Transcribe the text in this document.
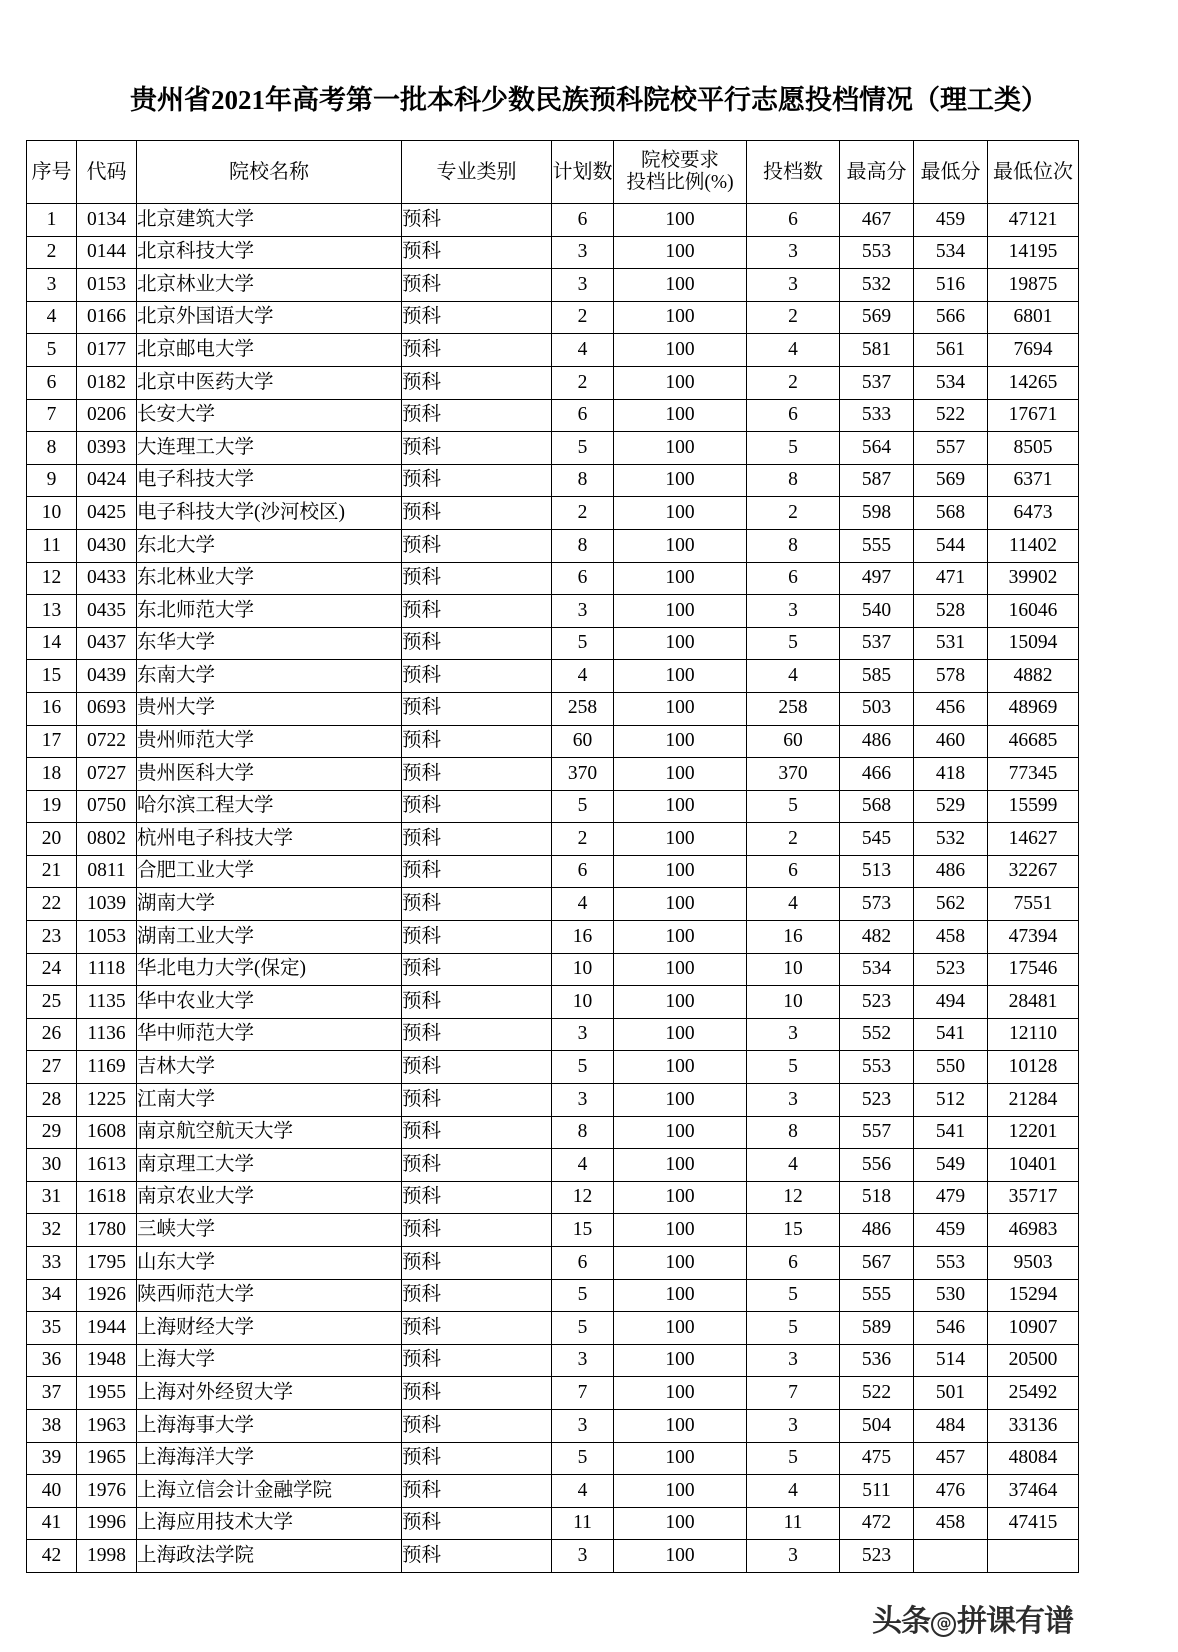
贵州省2021年高考第一批本科少数民族预科院校平行志愿投档情况（理工类）
序号	代码	院校名称	专业类别	计划数	院校要求
投档比例(%)	投档数	最高分	最低分	最低位次
1	0134	北京建筑大学	预科	6	100	6	467	459	47121
2	0144	北京科技大学	预科	3	100	3	553	534	14195
3	0153	北京林业大学	预科	3	100	3	532	516	19875
4	0166	北京外国语大学	预科	2	100	2	569	566	6801
5	0177	北京邮电大学	预科	4	100	4	581	561	7694
6	0182	北京中医药大学	预科	2	100	2	537	534	14265
7	0206	长安大学	预科	6	100	6	533	522	17671
8	0393	大连理工大学	预科	5	100	5	564	557	8505
9	0424	电子科技大学	预科	8	100	8	587	569	6371
10	0425	电子科技大学(沙河校区)	预科	2	100	2	598	568	6473
11	0430	东北大学	预科	8	100	8	555	544	11402
12	0433	东北林业大学	预科	6	100	6	497	471	39902
13	0435	东北师范大学	预科	3	100	3	540	528	16046
14	0437	东华大学	预科	5	100	5	537	531	15094
15	0439	东南大学	预科	4	100	4	585	578	4882
16	0693	贵州大学	预科	258	100	258	503	456	48969
17	0722	贵州师范大学	预科	60	100	60	486	460	46685
18	0727	贵州医科大学	预科	370	100	370	466	418	77345
19	0750	哈尔滨工程大学	预科	5	100	5	568	529	15599
20	0802	杭州电子科技大学	预科	2	100	2	545	532	14627
21	0811	合肥工业大学	预科	6	100	6	513	486	32267
22	1039	湖南大学	预科	4	100	4	573	562	7551
23	1053	湖南工业大学	预科	16	100	16	482	458	47394
24	1118	华北电力大学(保定)	预科	10	100	10	534	523	17546
25	1135	华中农业大学	预科	10	100	10	523	494	28481
26	1136	华中师范大学	预科	3	100	3	552	541	12110
27	1169	吉林大学	预科	5	100	5	553	550	10128
28	1225	江南大学	预科	3	100	3	523	512	21284
29	1608	南京航空航天大学	预科	8	100	8	557	541	12201
30	1613	南京理工大学	预科	4	100	4	556	549	10401
31	1618	南京农业大学	预科	12	100	12	518	479	35717
32	1780	三峡大学	预科	15	100	15	486	459	46983
33	1795	山东大学	预科	6	100	6	567	553	9503
34	1926	陕西师范大学	预科	5	100	5	555	530	15294
35	1944	上海财经大学	预科	5	100	5	589	546	10907
36	1948	上海大学	预科	3	100	3	536	514	20500
37	1955	上海对外经贸大学	预科	7	100	7	522	501	25492
38	1963	上海海事大学	预科	3	100	3	504	484	33136
39	1965	上海海洋大学	预科	5	100	5	475	457	48084
40	1976	上海立信会计金融学院	预科	4	100	4	511	476	37464
41	1996	上海应用技术大学	预科	11	100	11	472	458	47415
42	1998	上海政法学院	预科	3	100	3	523		
头条 @ 拼课有谱
